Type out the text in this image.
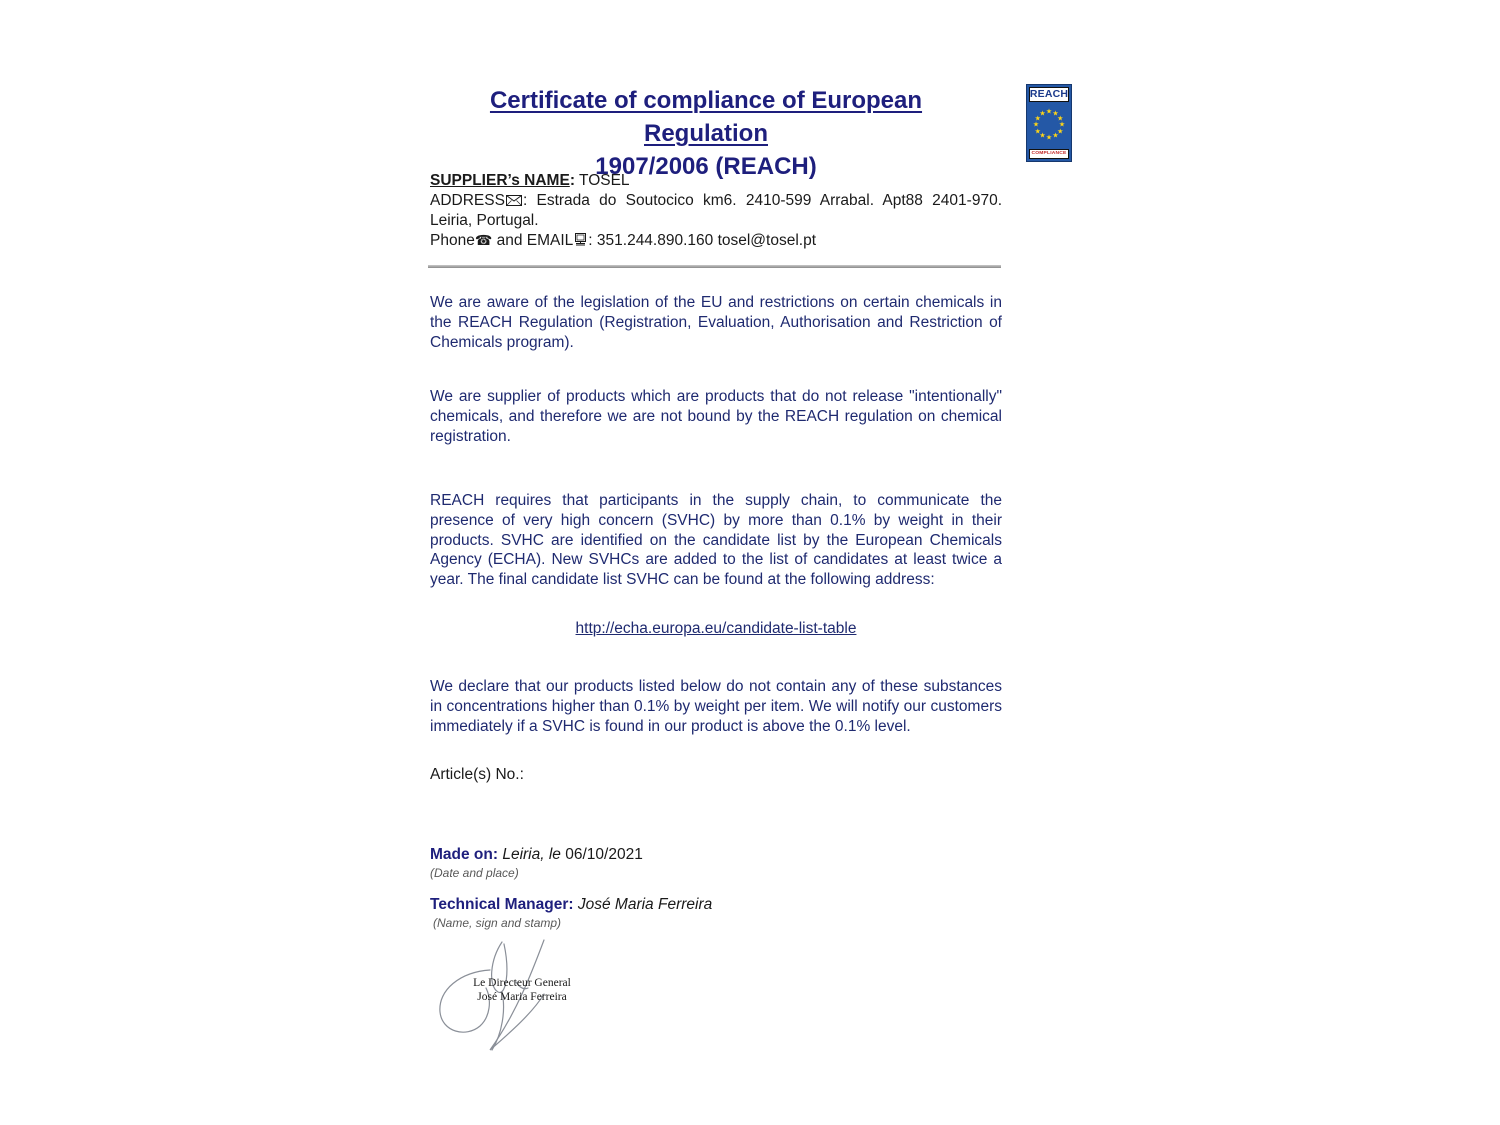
Certificate of compliance of European Regulation
1907/2006 (REACH)
REACH
★ ★
★
★
★
★
★
★
★
★
★
★
COMPLIANCE
SUPPLIER’s NAME: TOSEL
ADDRESS : Estrada do Soutocico km6. 2410-599 Arrabal. Apt88 2401-970. Leiria, Portugal.
Phone☎ and EMAIL : 351.244.890.160 tosel@tosel.pt
We are aware of the legislation of the EU and restrictions on certain chemicals in the REACH Regulation (Registration, Evaluation, Authorisation and Restriction of Chemicals program).
We are supplier of products which are products that do not release "intentionally" chemicals, and therefore we are not bound by the REACH regulation on chemical registration.
REACH requires that participants in the supply chain, to communicate the presence of very high concern (SVHC) by more than 0.1% by weight in their products. SVHC are identified on the candidate list by the European Chemicals Agency (ECHA). New SVHCs are added to the list of candidates at least twice a year. The final candidate list SVHC can be found at the following address:
http://echa.europa.eu/candidate-list-table
We declare that our products listed below do not contain any of these substances in concentrations higher than 0.1% by weight per item. We will notify our customers immediately if a SVHC is found in our product is above the 0.1% level.
Article(s) No.:
Made on: Leiria, le 06/10/2021
(Date and place)
Technical Manager: José Maria Ferreira
(Name, sign and stamp)
Le Directeur General
José Maria Ferreira
